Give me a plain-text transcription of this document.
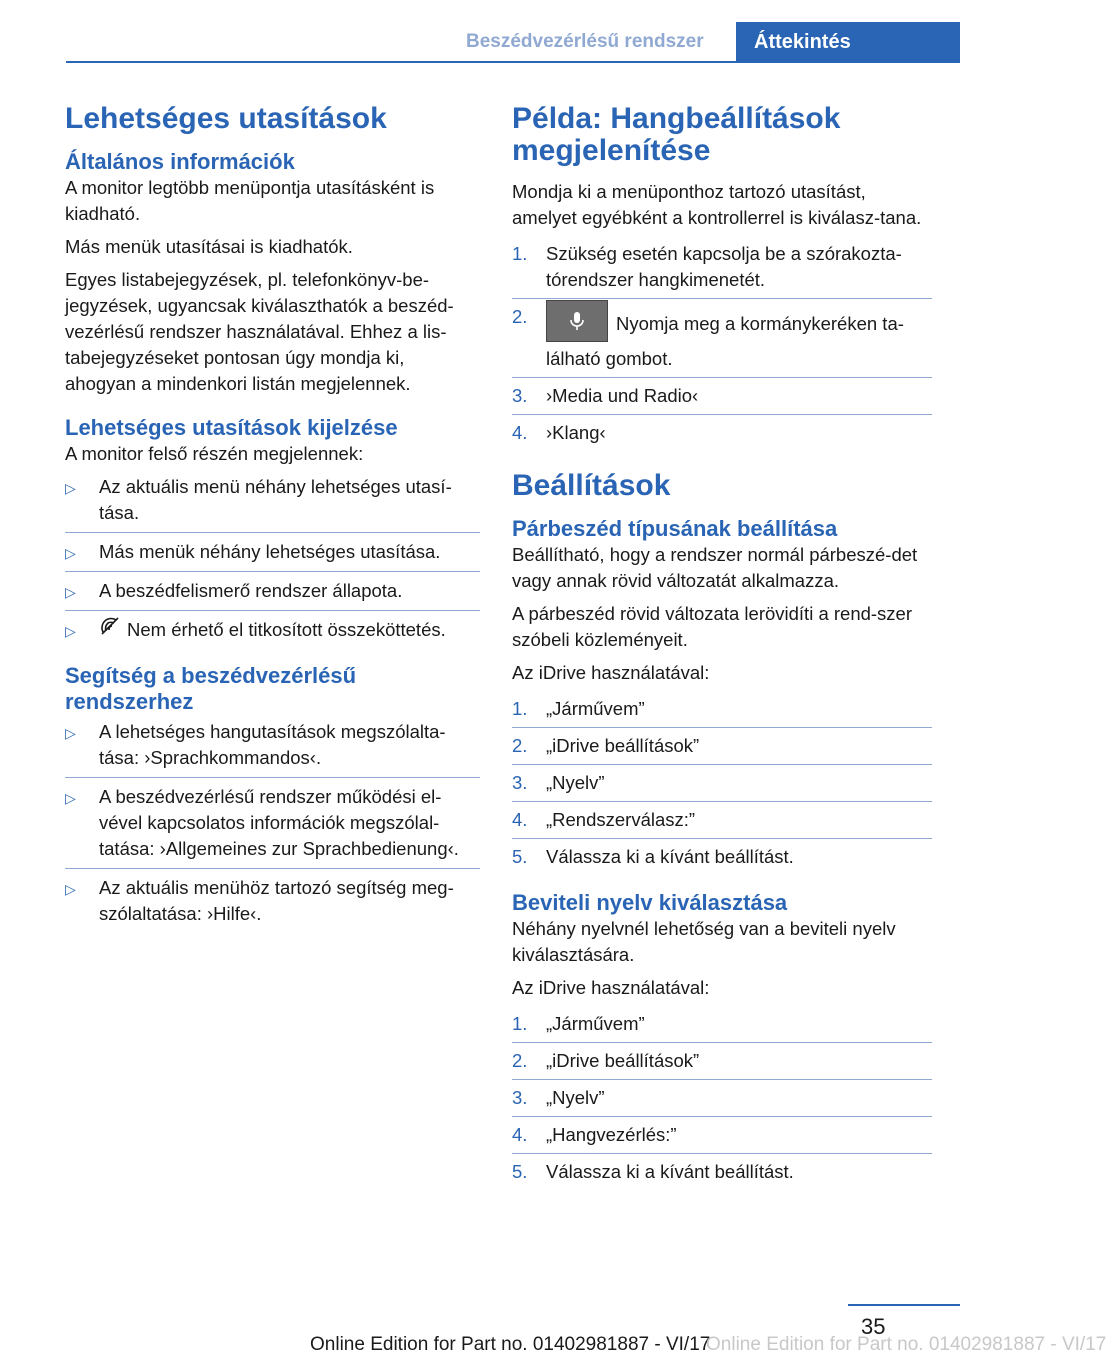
Beszédvezérlésű rendszer	Áttekintés
Lehetséges utasítások
Általános információk

A monitor legtöbb menüpontja utasításként is kiadható.

Más menük utasításai is kiadhatók.

Egyes listabejegyzések, pl. telefonkönyv-be-jegyzések, ugyancsak kiválaszthatók a beszéd-vezérlésű rendszer használatával. Ehhez a lis-tabejegyzéseket pontosan úgy mondja ki, ahogyan a mindenkori listán megjelennek.

Lehetséges utasítások kijelzése

A monitor felső részén megjelennek:

▷ Az aktuális menü néhány lehetséges utasí-tása.
▷ Más menük néhány lehetséges utasítása.
▷ A beszédfelismerő rendszer állapota.
▷	Nem érhető el titkosított összeköttetés.
Segítség a beszédvezérlésű rendszerhez
▷ A lehetséges hangutasítások megszólalta-tása: ›Sprachkommandos‹.
▷ A beszédvezérlésű rendszer működési el-vével kapcsolatos információk megszólal-tatása: ›Allgemeines zur Sprachbedienung‹.
▷ Az aktuális menühöz tartozó segítség meg-szólaltatása: ›Hilfe‹.
Példa: Hangbeállítások megjelenítése

Mondja ki a menüponthoz tartozó utasítást, amelyet egyébként a kontrollerrel is kiválasz-tana.

1. Szükség esetén kapcsolja be a szórakozta-tórendszer hangkimenetét.
2.	Nyomja meg a kormánykeréken ta-lálható gombot.
3. ›Media und Radio‹
4. ›Klang‹
Beállítások
Párbeszéd típusának beállítása

Beállítható, hogy a rendszer normál párbeszé-det vagy annak rövid változatát alkalmazza.

A párbeszéd rövid változata lerövidíti a rend-szer szóbeli közleményeit.

Az iDrive használatával:

1. „Járművem”
2. „iDrive beállítások”
3. „Nyelv”
4. „Rendszerválasz:”
5. Válassza ki a kívánt beállítást.
Beviteli nyelv kiválasztása

Néhány nyelvnél lehetőség van a beviteli nyelv kiválasztására.

Az iDrive használatával:

1. „Járművem”
2. „iDrive beállítások”
3. „Nyelv”
4. „Hangvezérlés:”
5. Válassza ki a kívánt beállítást.
35
Online Edition for Part no. 01402981887 - VI/17
Online Edition for Part no. 01402981887 - VI/17
